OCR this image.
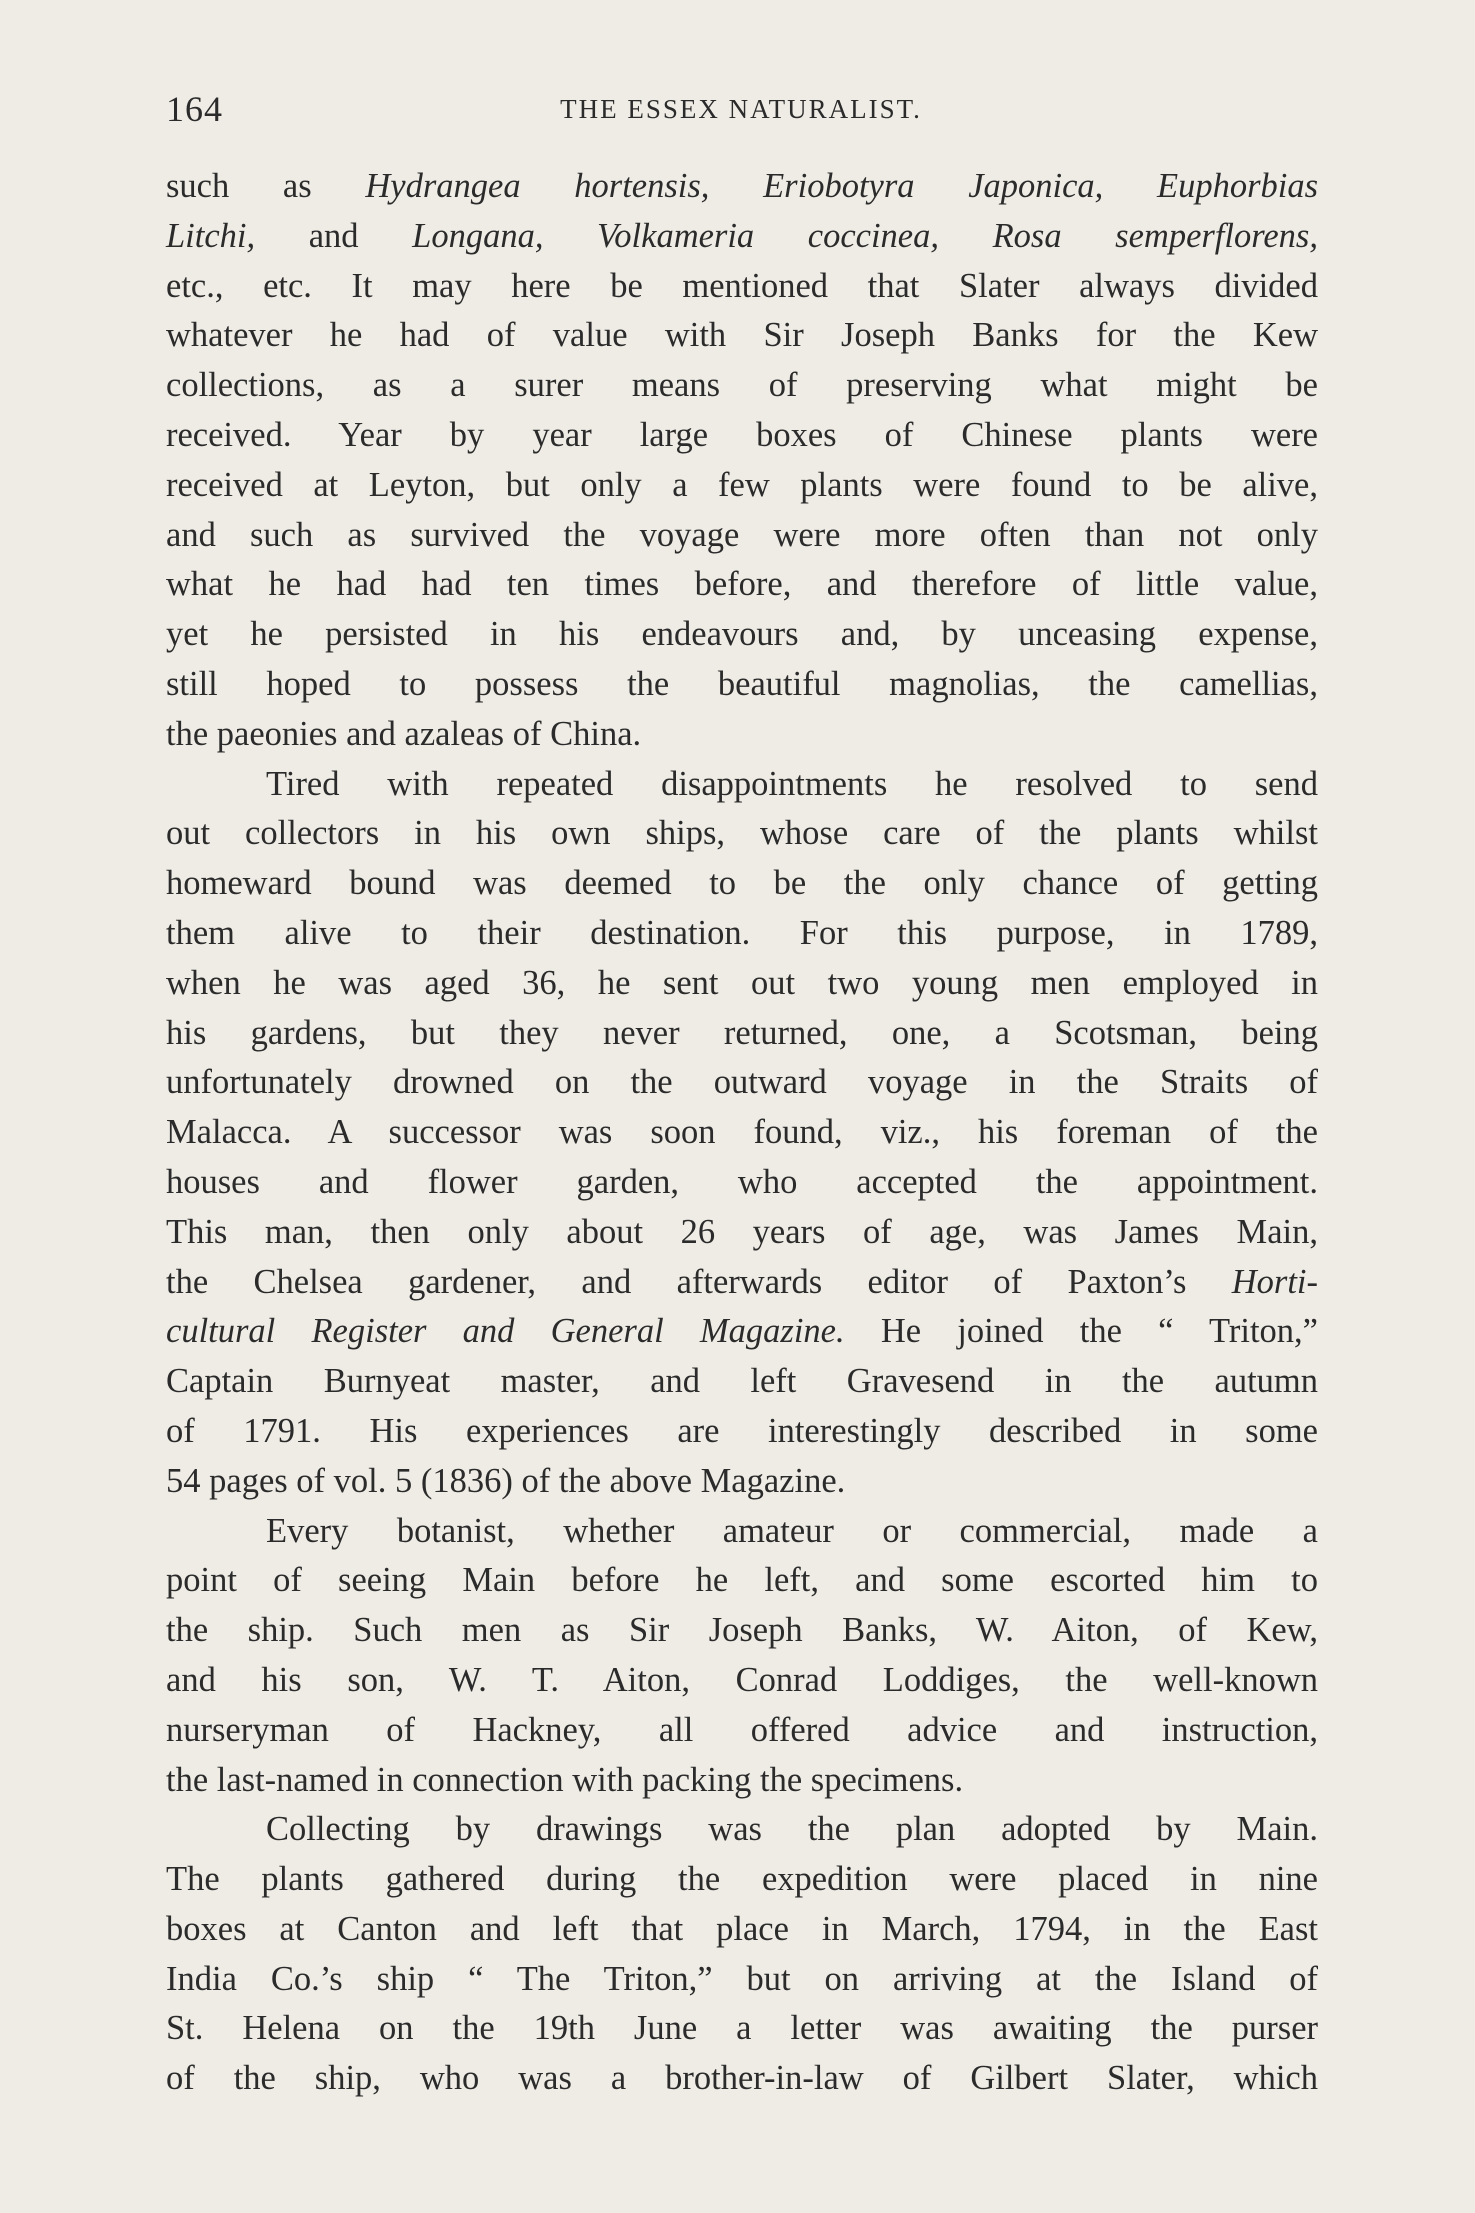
164	THE ESSEX NATURALIST.
such as Hydrangea hortensis, Eriobotyra Japonica, Euphorbias
Litchi, and Longana, Volkameria coccinea, Rosa semperflorens,
etc., etc. It may here be mentioned that Slater always divided
whatever he had of value with Sir Joseph Banks for the Kew
collections, as a surer means of preserving what might be
received. Year by year large boxes of Chinese plants were
received at Leyton, but only a few plants were found to be alive,
and such as survived the voyage were more often than not only
what he had had ten times before, and therefore of little value,
yet he persisted in his endeavours and, by unceasing expense,
still hoped to possess the beautiful magnolias, the camellias,
the paeonies and azaleas of China.
Tired with repeated disappointments he resolved to send
out collectors in his own ships, whose care of the plants whilst
homeward bound was deemed to be the only chance of getting
them alive to their destination. For this purpose, in 1789,
when he was aged 36, he sent out two young men employed in
his gardens, but they never returned, one, a Scotsman, being
unfortunately drowned on the outward voyage in the Straits of
Malacca. A successor was soon found, viz., his foreman of the
houses and flower garden, who accepted the appointment.
This man, then only about 26 years of age, was James Main,
the Chelsea gardener, and afterwards editor of Paxton’s Horti-
cultural Register and General Magazine. He joined the “ Triton,”
Captain Burnyeat master, and left Gravesend in the autumn
of 1791. His experiences are interestingly described in some
54 pages of vol. 5 (1836) of the above Magazine.
Every botanist, whether amateur or commercial, made a
point of seeing Main before he left, and some escorted him to
the ship. Such men as Sir Joseph Banks, W. Aiton, of Kew,
and his son, W. T. Aiton, Conrad Loddiges, the well-known
nurseryman of Hackney, all offered advice and instruction,
the last-named in connection with packing the specimens.
Collecting by drawings was the plan adopted by Main.
The plants gathered during the expedition were placed in nine
boxes at Canton and left that place in March, 1794, in the East
India Co.’s ship “ The Triton,” but on arriving at the Island of
St. Helena on the 19th June a letter was awaiting the purser
of the ship, who was a brother-in-law of Gilbert Slater, which
